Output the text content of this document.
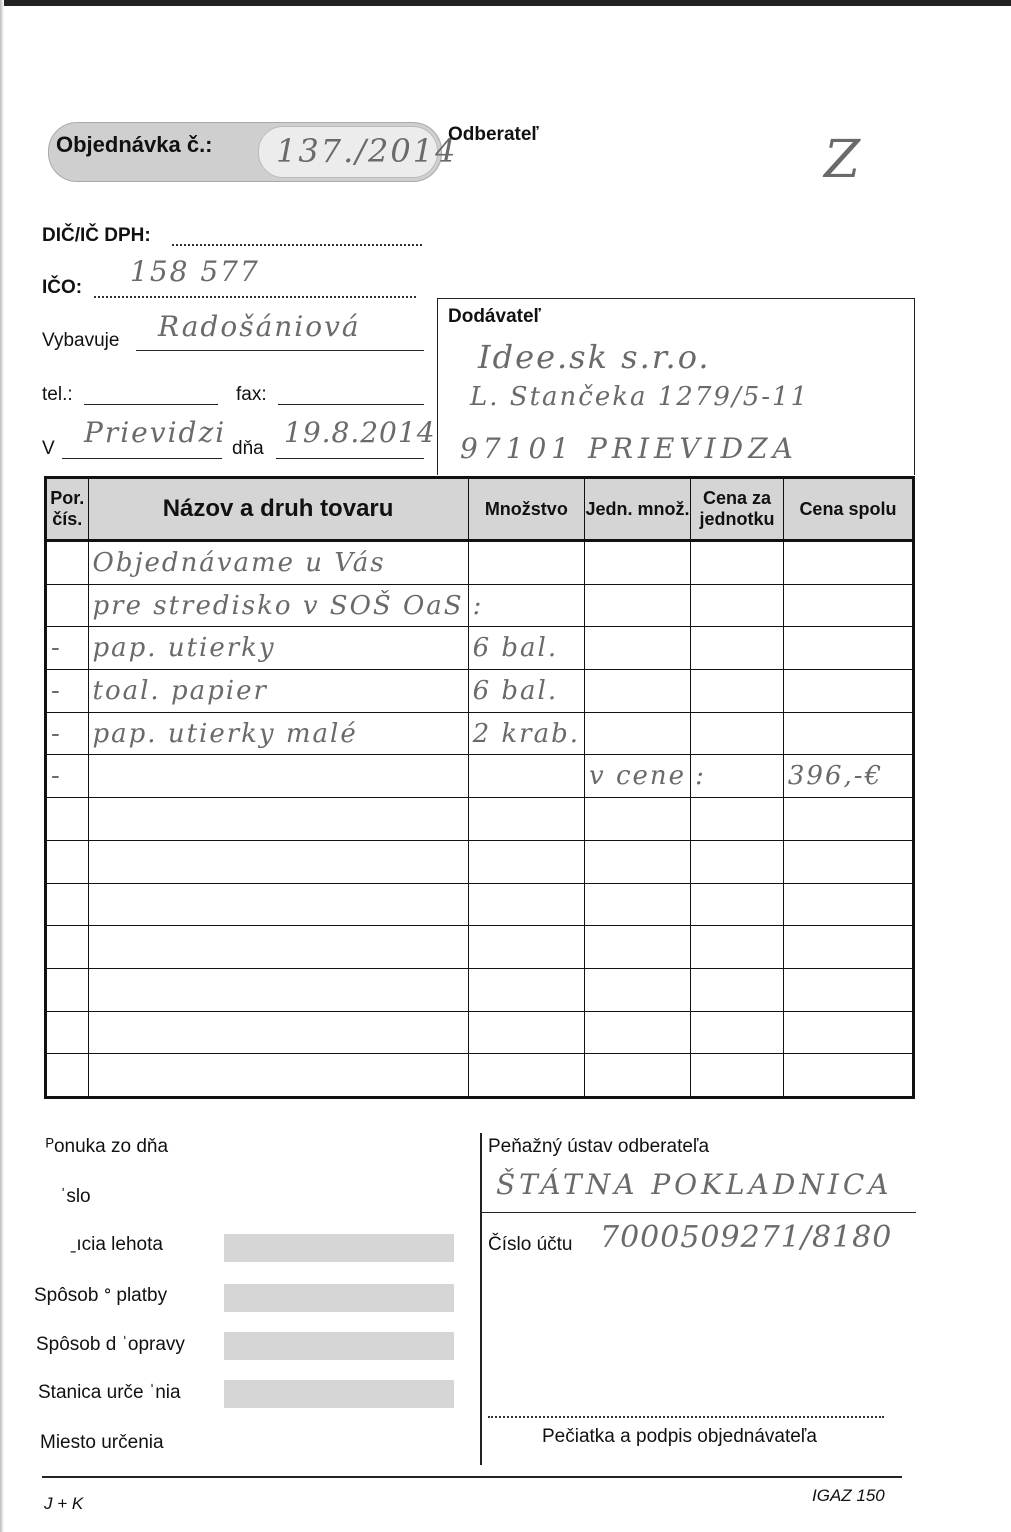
Objednávka č.: 137./2014
Odberateľ	Z
DIČ/IČ DPH:
IČO: 158 577
Vybavuje Radošániová
tel.:	fax:
V Prievidzi dňa 19.8.2014
Dodávateľ
Idee.sk s.r.o.
L. Stančeka 1279/5-11
97101 PRIEVIDZA
Por. čís.	Názov a druh tovaru	Množstvo	Jedn. množ.	Cena za jednotku	Cena spolu
	Objednávame u Vás				
	pre stredisko v SOŠ OaS	:			
-	pap. utierky	6 bal.			
-	toal. papier	6 bal.			
-	pap. utierky malé	2 krab.			
-			v cene	:	396,-€

ᴾonuka zo dňa
ˈslo
ˍıcia lehota
Spôsob ᐤ platby
Spôsob d ˈopravy
Stanica urče ˈnia
Miesto určenia
Peňažný ústav odberateľa
ŠTÁTNA POKLADNICA
Číslo účtu 7000509271/8180
Pečiatka a podpis objednávateľa
J + K	IGAZ 150
